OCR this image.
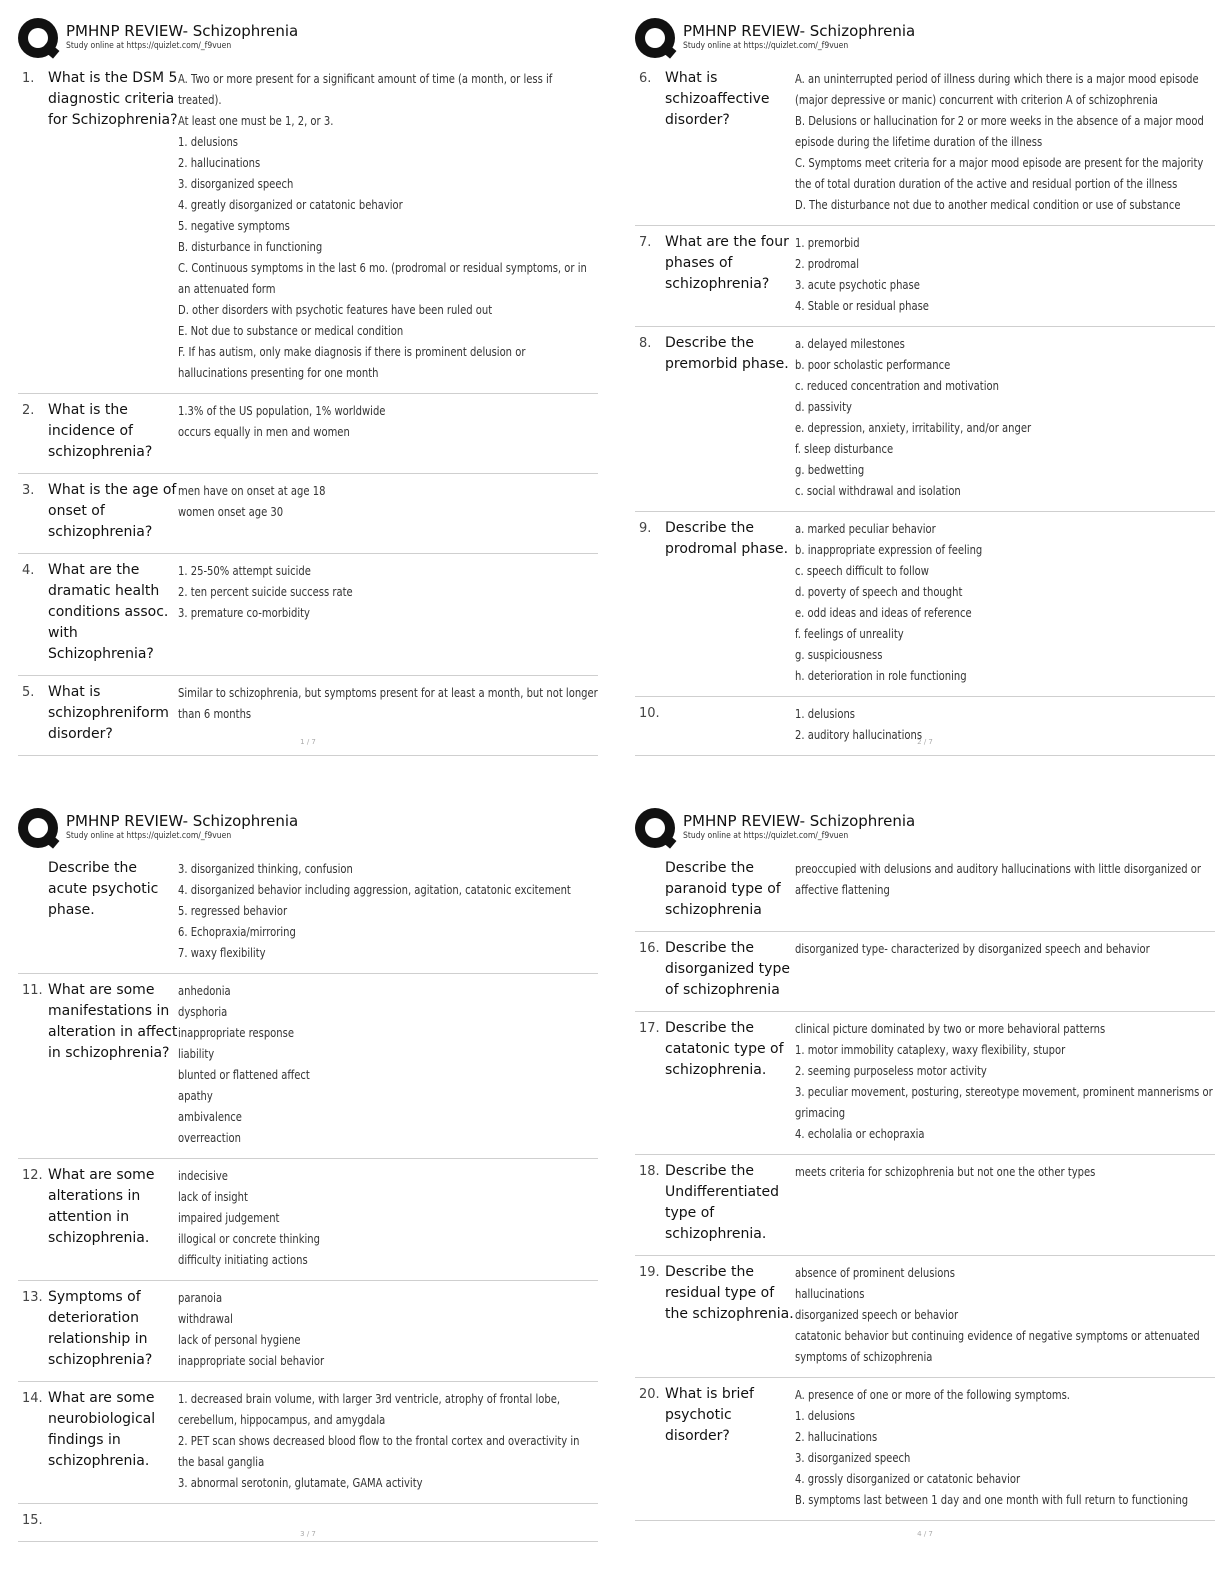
PMHNP REVIEW- Schizophrenia
Study online at https://quizlet.com/_f9vuen
1. What is the DSM 5 diagnostic criteria for Schizophrenia?
A. Two or more present for a significant amount of time (a month, or less if treated).
At least one must be 1, 2, or 3.
1. delusions
2. hallucinations
3. disorganized speech
4. greatly disorganized or catatonic behavior
5. negative symptoms
B. disturbance in functioning
C. Continuous symptoms in the last 6 mo. (prodromal or residual symptoms, or in an attenuated form
D. other disorders with psychotic features have been ruled out
E. Not due to substance or medical condition
F. If has autism, only make diagnosis if there is prominent delusion or hallucinations presenting for one month
2. What is the incidence of schizophrenia?
1.3% of the US population, 1% worldwide
occurs equally in men and women
3. What is the age of onset of schizophrenia?
men have on onset at age 18
women onset age 30
4. What are the dramatic health conditions assoc. with Schizophrenia?
1. 25-50% attempt suicide
2. ten percent suicide success rate
3. premature co-morbidity
5. What is schizophreniform disorder?
Similar to schizophrenia, but symptoms present for at least a month, but not longer than 6 months
1 / 7
PMHNP REVIEW- Schizophrenia
Study online at https://quizlet.com/_f9vuen
6. What is schizoaffective disorder?
A. an uninterrupted period of illness during which there is a major mood episode (major depressive or manic) concurrent with criterion A of schizophrenia
B. Delusions or hallucination for 2 or more weeks in the absence of a major mood episode during the lifetime duration of the illness
C. Symptoms meet criteria for a major mood episode are present for the majority the of total duration duration of the active and residual portion of the illness
D. The disturbance not due to another medical condition or use of substance
7. What are the four phases of schizophrenia?
1. premorbid
2. prodromal
3. acute psychotic phase
4. Stable or residual phase
8. Describe the premorbid phase.
a. delayed milestones
b. poor scholastic performance
c. reduced concentration and motivation
d. passivity
e. depression, anxiety, irritability, and/or anger
f. sleep disturbance
g. bedwetting
c. social withdrawal and isolation
9. Describe the prodromal phase.
a. marked peculiar behavior
b. inappropriate expression of feeling
c. speech difficult to follow
d. poverty of speech and thought
e. odd ideas and ideas of reference
f. feelings of unreality
g. suspiciousness
h. deterioration in role functioning
10.	1. delusions
2. auditory hallucinations
2 / 7
PMHNP REVIEW- Schizophrenia
Study online at https://quizlet.com/_f9vuen
Describe the acute psychotic phase.
3. disorganized thinking, confusion
4. disorganized behavior including aggression, agitation, catatonic excitement
5. regressed behavior
6. Echopraxia/mirroring
7. waxy flexibility
11. What are some manifestations in alteration in affect in schizophrenia?
anhedonia
dysphoria
inappropriate response
liability
blunted or flattened affect
apathy
ambivalence
overreaction
12. What are some alterations in attention in schizophrenia.
indecisive
lack of insight
impaired judgement
illogical or concrete thinking
difficulty initiating actions
13. Symptoms of deterioration relationship in schizophrenia?
paranoia
withdrawal
lack of personal hygiene
inappropriate social behavior
14. What are some neurobiological findings in schizophrenia.
1. decreased brain volume, with larger 3rd ventricle, atrophy of frontal lobe, cerebellum, hippocampus, and amygdala
2. PET scan shows decreased blood flow to the frontal cortex and overactivity in the basal ganglia
3. abnormal serotonin, glutamate, GAMA activity
15.
3 / 7
PMHNP REVIEW- Schizophrenia
Study online at https://quizlet.com/_f9vuen
Describe the paranoid type of schizophrenia
preoccupied with delusions and auditory hallucinations with little disorganized or affective flattening
16. Describe the disorganized type of schizophrenia
disorganized type- characterized by disorganized speech and behavior
17. Describe the catatonic type of schizophrenia.
clinical picture dominated by two or more behavioral patterns
1. motor immobility cataplexy, waxy flexibility, stupor
2. seeming purposeless motor activity
3. peculiar movement, posturing, stereotype movement, prominent mannerisms or grimacing
4. echolalia or echopraxia
18. Describe the Undifferentiated type of schizophrenia.
meets criteria for schizophrenia but not one the other types
19. Describe the residual type of the schizophrenia.
absence of prominent delusions
hallucinations
disorganized speech or behavior
catatonic behavior but continuing evidence of negative symptoms or attenuated symptoms of schizophrenia
20. What is brief psychotic disorder?
A. presence of one or more of the following symptoms.
1. delusions
2. hallucinations
3. disorganized speech
4. grossly disorganized or catatonic behavior
B. symptoms last between 1 day and one month with full return to functioning
4 / 7
